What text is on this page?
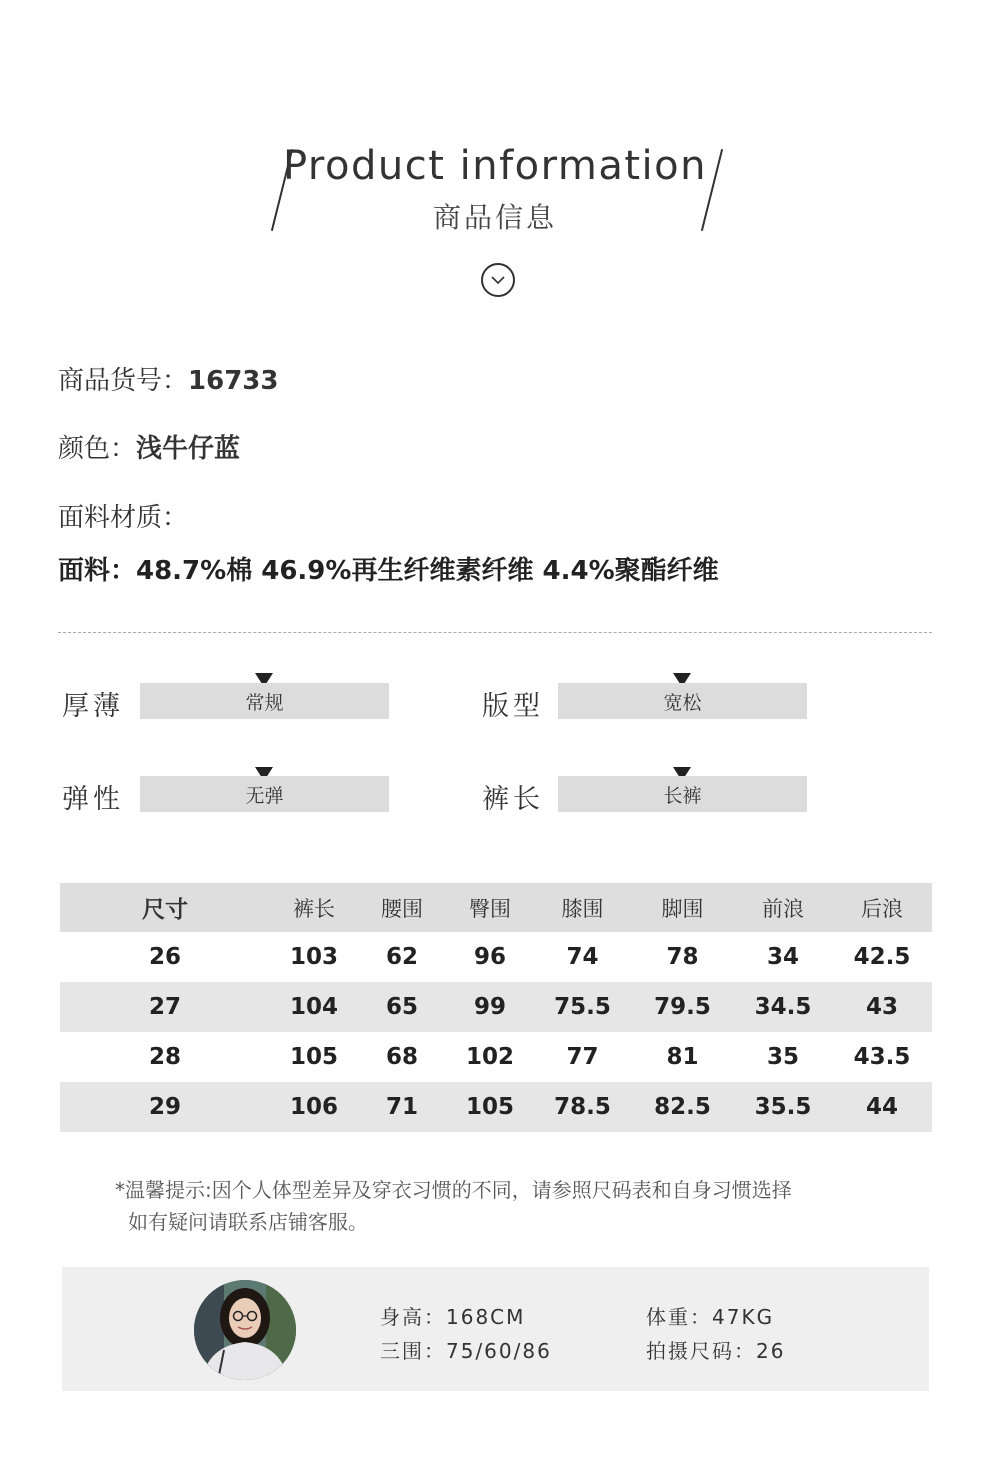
Product information
商品信息
商品货号：16733
颜色：浅牛仔蓝
面料材质：
面料：48.7%棉 46.9%再生纤维素纤维 4.4%聚酯纤维
厚薄	常规	版型	宽松
弹性	无弹	裤长	长裤
尺寸	裤长	腰围	臀围	膝围	脚围	前浪	后浪
26	103	62	96	74	78	34	42.5
27	104	65	99	75.5	79.5	34.5	43
28	105	68	102	77	81	35	43.5
29	106	71	105	78.5	82.5	35.5	44
*温馨提示:因个人体型差异及穿衣习惯的不同，请参照尺码表和自身习惯选择
如有疑问请联系店铺客服。
身高：168CM	体重：47KG
三围：75/60/86	拍摄尺码：26
